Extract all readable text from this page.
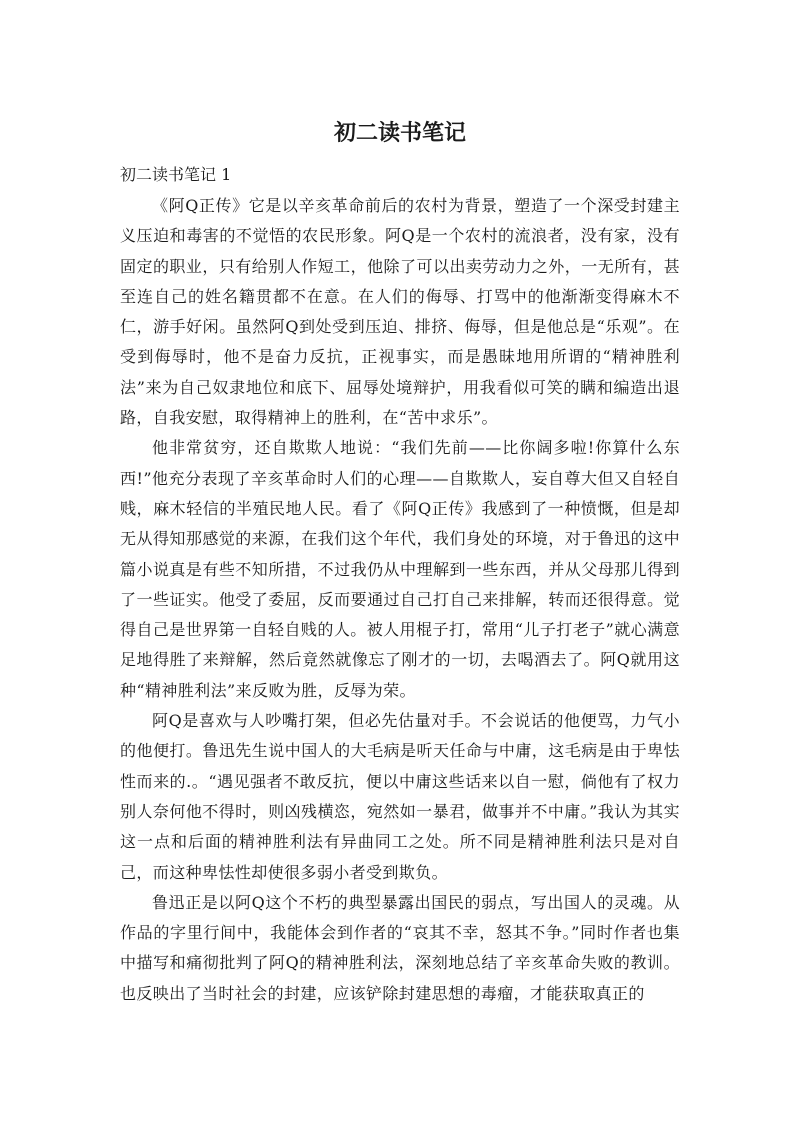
初二读书笔记

初二读书笔记 1

《阿Q正传》它是以辛亥革命前后的农村为背景，塑造了一个深受封建主义压迫和毒害的不觉悟的农民形象。阿Q是一个农村的流浪者，没有家，没有固定的职业，只有给别人作短工，他除了可以出卖劳动力之外，一无所有，甚至连自己的姓名籍贯都不在意。在人们的侮辱、打骂中的他渐渐变得麻木不仁，游手好闲。虽然阿Q到处受到压迫、排挤、侮辱，但是他总是“乐观”。在受到侮辱时，他不是奋力反抗，正视事实，而是愚昧地用所谓的“精神胜利法”来为自己奴隶地位和底下、屈辱处境辩护，用我看似可笑的瞒和编造出退路，自我安慰，取得精神上的胜利，在“苦中求乐”。

他非常贫穷，还自欺欺人地说：“我们先前——比你阔多啦!你算什么东西!”他充分表现了辛亥革命时人们的心理——自欺欺人，妄自尊大但又自轻自贱，麻木轻信的半殖民地人民。看了《阿Q正传》我感到了一种愤慨，但是却无从得知那感觉的来源，在我们这个年代，我们身处的环境，对于鲁迅的这中篇小说真是有些不知所措，不过我仍从中理解到一些东西，并从父母那儿得到了一些证实。他受了委屈，反而要通过自己打自己来排解，转而还很得意。觉得自己是世界第一自轻自贱的人。被人用棍子打，常用“儿子打老子”就心满意足地得胜了来辩解，然后竟然就像忘了刚才的一切，去喝酒去了。阿Q就用这种“精神胜利法”来反败为胜，反辱为荣。

阿Q是喜欢与人吵嘴打架，但必先估量对手。不会说话的他便骂，力气小的他便打。鲁迅先生说中国人的大毛病是听天任命与中庸，这毛病是由于卑怯性而来的.。“遇见强者不敢反抗，便以中庸这些话来以自一慰，倘他有了权力别人奈何他不得时，则凶残横恣，宛然如一暴君，做事并不中庸。”我认为其实这一点和后面的精神胜利法有异曲同工之处。所不同是精神胜利法只是对自己，而这种卑怯性却使很多弱小者受到欺负。

鲁迅正是以阿Q这个不朽的典型暴露出国民的弱点，写出国人的灵魂。从作品的字里行间中，我能体会到作者的“哀其不幸，怒其不争。”同时作者也集中描写和痛彻批判了阿Q的精神胜利法，深刻地总结了辛亥革命失败的教训。也反映出了当时社会的封建，应该铲除封建思想的毒瘤，才能获取真正的
